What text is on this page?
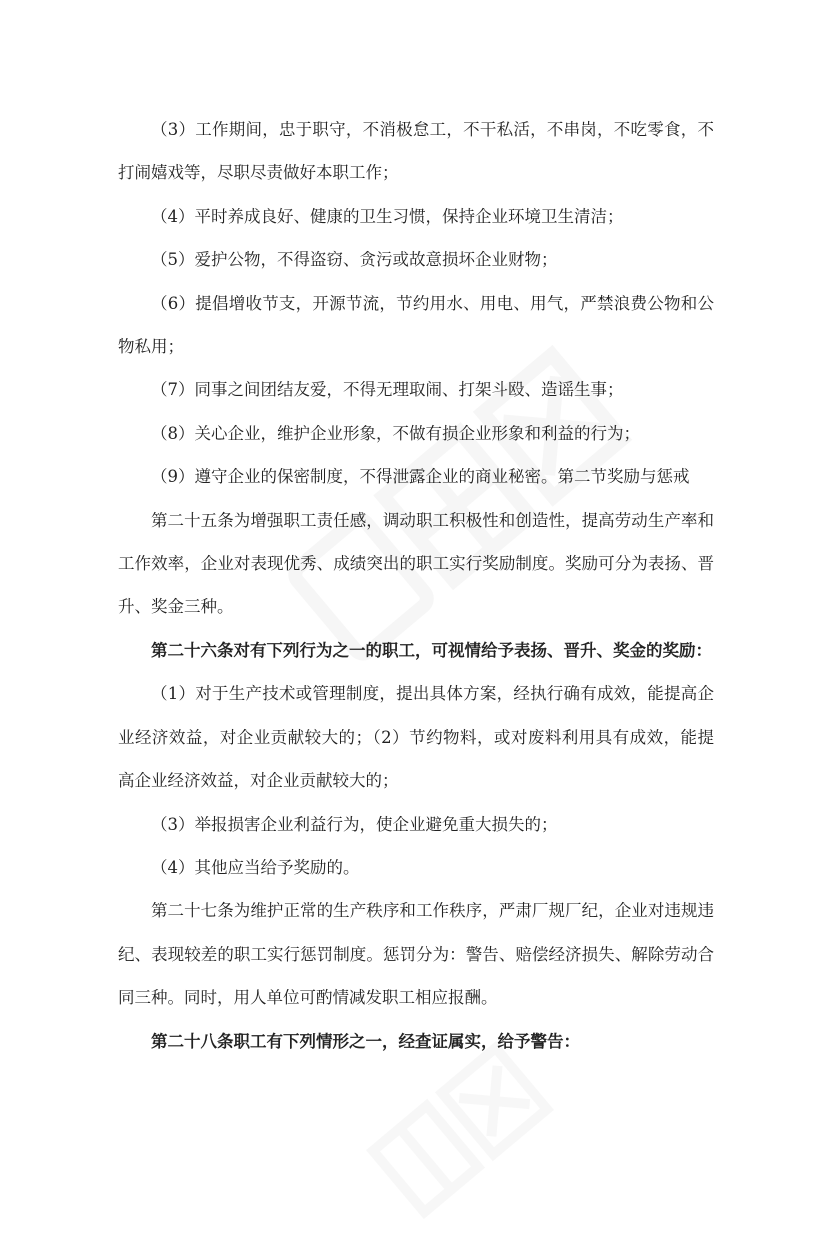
（3）工作期间，忠于职守，不消极怠工，不干私活，不串岗，不吃零食，不打闹嬉戏等，尽职尽责做好本职工作；

（4）平时养成良好、健康的卫生习惯，保持企业环境卫生清洁；

（5）爱护公物，不得盗窃、贪污或故意损坏企业财物；

（6）提倡增收节支，开源节流，节约用水、用电、用气，严禁浪费公物和公物私用；

（7）同事之间团结友爱，不得无理取闹、打架斗殴、造谣生事；

（8）关心企业，维护企业形象，不做有损企业形象和利益的行为；

（9）遵守企业的保密制度，不得泄露企业的商业秘密。第二节奖励与惩戒

第二十五条为增强职工责任感，调动职工积极性和创造性，提高劳动生产率和工作效率，企业对表现优秀、成绩突出的职工实行奖励制度。奖励可分为表扬、晋升、奖金三种。

第二十六条对有下列行为之一的职工，可视情给予表扬、晋升、奖金的奖励：

（1）对于生产技术或管理制度，提出具体方案，经执行确有成效，能提高企业经济效益，对企业贡献较大的；（2）节约物料，或对废料利用具有成效，能提高企业经济效益，对企业贡献较大的；

（3）举报损害企业利益行为，使企业避免重大损失的；

（4）其他应当给予奖励的。

第二十七条为维护正常的生产秩序和工作秩序，严肃厂规厂纪，企业对违规违纪、表现较差的职工实行惩罚制度。惩罚分为：警告、赔偿经济损失、解除劳动合同三种。同时，用人单位可酌情减发职工相应报酬。

第二十八条职工有下列情形之一，经查证属实，给予警告：
